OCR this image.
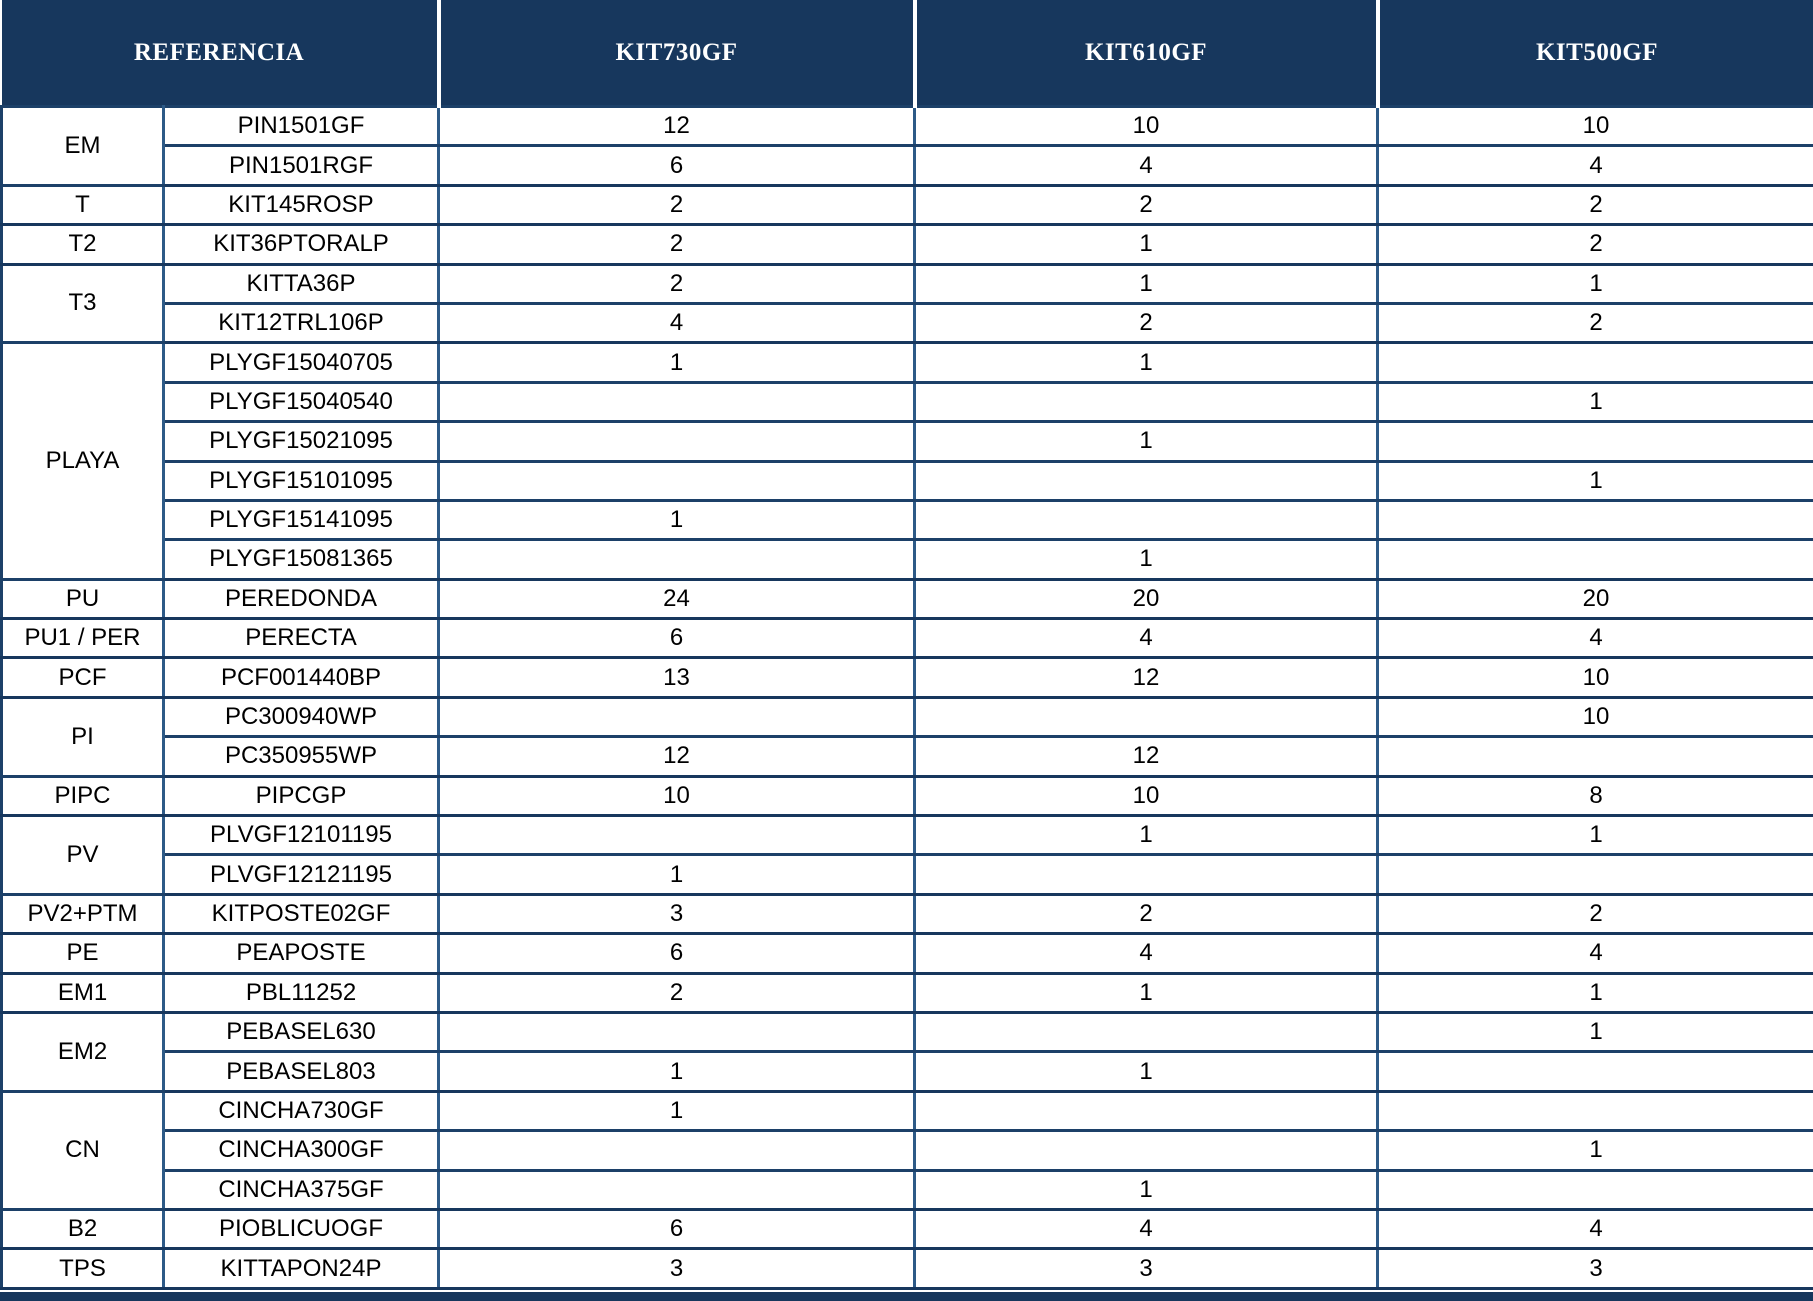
REFERENCIA		KIT730GF	KIT610GF	KIT500GF
EM	PIN1501GF	12	10	10
	PIN1501RGF	6	4	4
T	KIT145ROSP	2	2	2
T2	KIT36PTORALP	2	1	2
T3	KITTA36P	2	1	1
	KIT12TRL106P	4	2	2
PLAYA	PLYGF15040705	1	1	
	PLYGF15040540			1
	PLYGF15021095		1	
	PLYGF15101095			1
	PLYGF15141095	1		
	PLYGF15081365		1	
PU	PEREDONDA	24	20	20
PU1 / PER	PERECTA	6	4	4
PCF	PCF001440BP	13	12	10
PI	PC300940WP			10
	PC350955WP	12	12	
PIPC	PIPCGP	10	10	8
PV	PLVGF12101195		1	1
	PLVGF12121195	1		
PV2+PTM	KITPOSTE02GF	3	2	2
PE	PEAPOSTE	6	4	4
EM1	PBL11252	2	1	1
EM2	PEBASEL630			1
	PEBASEL803	1	1	
CN	CINCHA730GF	1		
	CINCHA300GF			1
	CINCHA375GF		1	
B2	PIOBLICUOGF	6	4	4
TPS	KITTAPON24P	3	3	3
